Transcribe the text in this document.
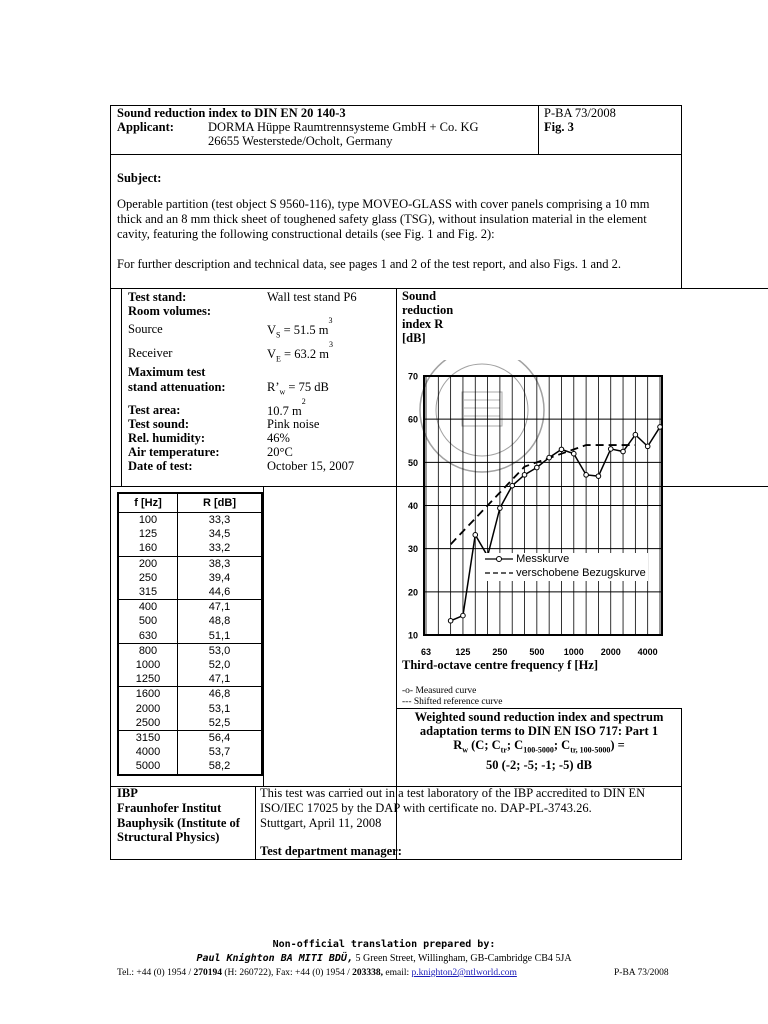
Sound reduction index to DIN EN 20 140-3
Applicant:	DORMA Hüppe Raumtrennsysteme GmbH + Co. KG
26655 Westerstede/Ocholt, Germany
P-BA 73/2008
Fig. 3
Subject:
Operable partition (test object S 9560-116), type MOVEO-GLASS with cover panels comprising a 10 mm
thick and an 8 mm thick sheet of toughened safety glass (TSG), without insulation material in the element
cavity, featuring the following constructional details (see Fig. 1 and Fig. 2):
For further description and technical data, see pages 1 and 2 of the test report, and also Figs. 1 and 2.
Test stand:	Wall test stand P6
Room volumes:
Source	$V_S = 51.5$ $m^3$
Receiver	$V_E = 63.2$ $m^3$
Maximum test
stand attenuation:	$R’_w = 75$ dB
Test area:	10.7 $m^2$
Test sound:	Pink noise
Rel. humidity:	46%
Air temperature:	20°C
Date of test:	October 15, 2007
f [Hz]	R [dB]
100	33,3
125	34,5
160	33,2
200	38,3
250	39,4
315	44,6
400	47,1
500	48,8
630	51,1
800	53,0
1000	52,0
1250	47,1
1600	46,8
2000	53,1
2500	52,5
3150	56,4
4000	53,7
5000	58,2
Sound
reduction
index R
[dB]
10
20
30
40
50
60
70
63	125 250 500 1000 2000 4000
Messkurve
verschobene Bezugskurve
Third-octave centre frequency f [Hz]
-o- Measured curve
--- Shifted reference curve
Weighted sound reduction index and spectrum
adaptation terms to DIN EN ISO 717: Part 1
$R_w$ (C; $C_{tr}$; $C_{100-5000}$; $C_{tr, 100-5000}$) =
50 (-2; -5; -1; -5) dB
IBP
Fraunhofer Institut
Bauphysik (Institute of
Structural Physics)
This test was carried out in a test laboratory of the IBP accredited to DIN EN
ISO/IEC 17025 by the DAP with certificate no. DAP-PL-3743.26.
Stuttgart, April 11, 2008
Test department manager:
Non-official translation prepared by:
Paul Knighton BA MITI BDÜ, 5 Green Street, Willingham, GB-Cambridge CB4 5JA
Tel.: +44 (0) 1954 / 270194 (H: 260722), Fax: +44 (0) 1954 / 203338, email: p.knighton2@ntlworld.com	P-BA 73/2008
